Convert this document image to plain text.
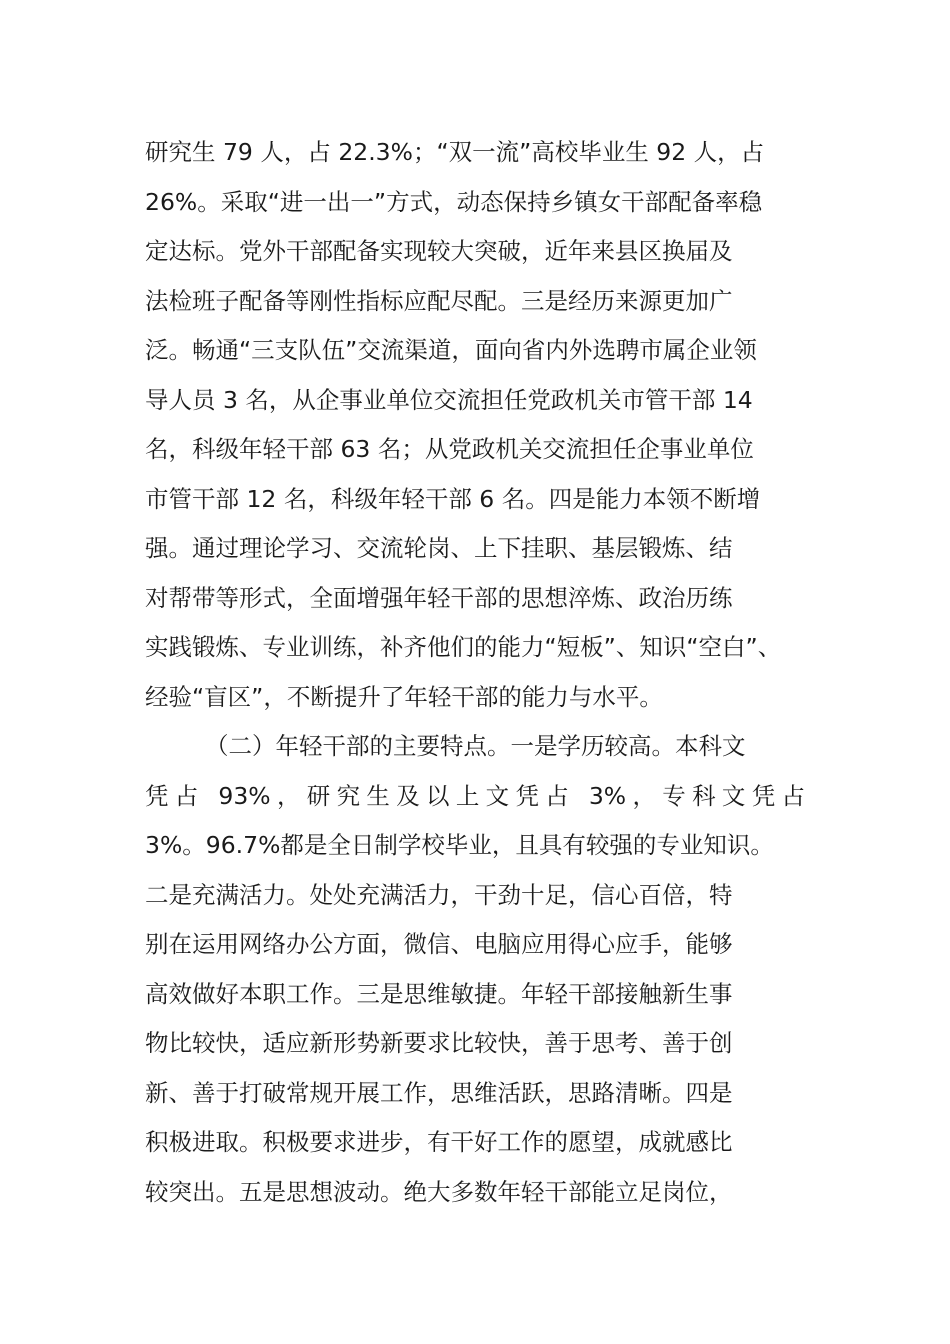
研究生 79 人，占 22.3%；“双一流”高校毕业生 92 人，占
26%。采取“进一出一”方式，动态保持乡镇女干部配备率稳
定达标。党外干部配备实现较大突破，近年来县区换届及
法检班子配备等刚性指标应配尽配。三是经历来源更加广
泛。畅通“三支队伍”交流渠道，面向省内外选聘市属企业领
导人员 3 名，从企事业单位交流担任党政机关市管干部 14
名，科级年轻干部 63 名；从党政机关交流担任企事业单位
市管干部 12 名，科级年轻干部 6 名。四是能力本领不断增
强。通过理论学习、交流轮岗、上下挂职、基层锻炼、结
对帮带等形式，全面增强年轻干部的思想淬炼、政治历练
实践锻炼、专业训练，补齐他们的能力“短板”、知识“空白”、
经验“盲区”，不断提升了年轻干部的能力与水平。
（二）年轻干部的主要特点。一是学历较高。本科文
凭占 93%，研究生及以上文凭占 3%，专科文凭占
3%。96.7%都是全日制学校毕业，且具有较强的专业知识。
二是充满活力。处处充满活力，干劲十足，信心百倍，特
别在运用网络办公方面，微信、电脑应用得心应手，能够
高效做好本职工作。三是思维敏捷。年轻干部接触新生事
物比较快，适应新形势新要求比较快，善于思考、善于创
新、善于打破常规开展工作，思维活跃，思路清晰。四是
积极进取。积极要求进步，有干好工作的愿望，成就感比
较突出。五是思想波动。绝大多数年轻干部能立足岗位，
